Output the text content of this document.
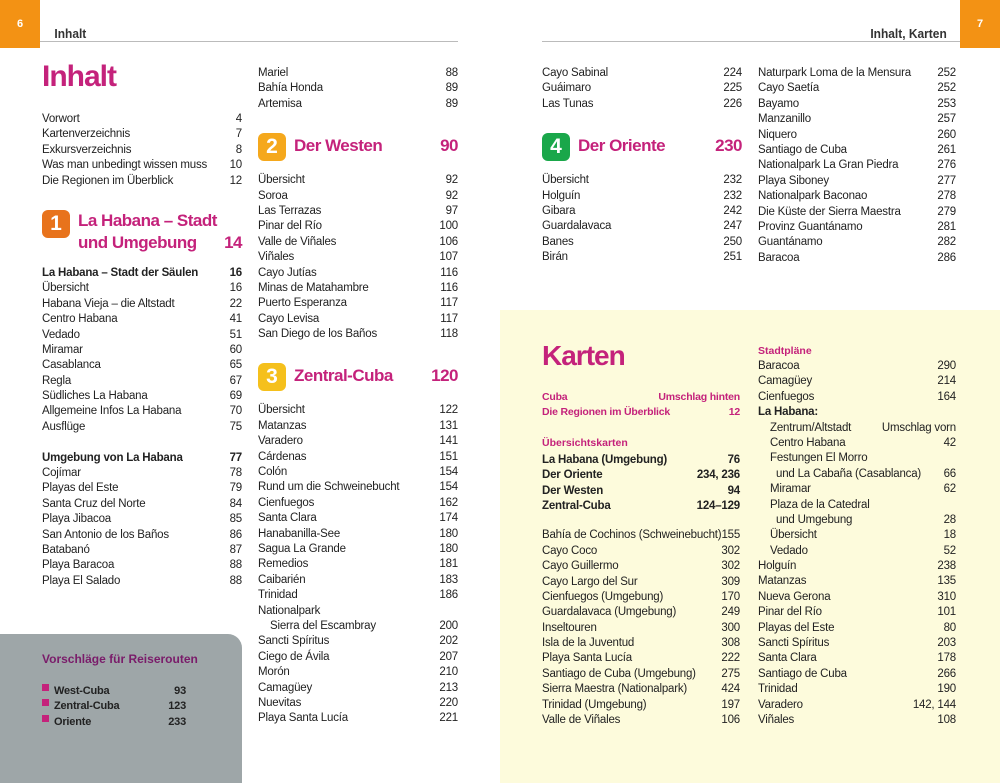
6
Inhalt
Inhalt
Vorwort	4
Kartenverzeichnis	7
Exkursverzeichnis	8
Was man unbedingt wissen muss 10
Die Regionen im Überblick	12
1 La Habana – Stadt
und Umgebung 14
La Habana – Stadt der Säulen	16
Übersicht	16
Habana Vieja – die Altstadt	22
Centro Habana	41
Vedado	51
Miramar	60
Casablanca	65
Regla	67
Südliches La Habana	69
Allgemeine Infos La Habana	70
Ausflüge	75
Umgebung von La Habana	77
Cojímar	78
Playas del Este	79
Santa Cruz del Norte	84
Playa Jibacoa	85
San Antonio de los Baños	86
Batabanó	87
Playa Baracoa	88
Playa El Salado	88
Mariel	88
Bahía Honda	89
Artemisa	89
2 Der Westen	90
Übersicht	92
Soroa	92
Las Terrazas	97
Pinar del Río	100
Valle de Viñales	106
Viñales	107
Cayo Jutías	116
Minas de Matahambre	116
Puerto Esperanza	117
Cayo Levisa	117
San Diego de los Baños	118
3 Zentral-Cuba 120
Übersicht	122
Matanzas	131
Varadero	141
Cárdenas	151
Colón	154
Rund um die Schweinebucht	154
Cienfuegos	162
Santa Clara	174
Hanabanilla-See	180
Sagua La Grande	180
Remedios	181
Caibarién	183
Trinidad	186
Nationalpark
Sierra del Escambray	200
Sancti Spíritus	202
Ciego de Ávila	207
Morón	210
Camagüey	213
Nuevitas	220
Playa Santa Lucía	221
Vorschläge für Reiserouten
West-Cuba	93
Zentral-Cuba	123
Oriente	233
7
Inhalt, Karten
Cayo Sabinal	224
Guáimaro	225
Las Tunas	226
4 Der Oriente	230
Übersicht	232
Holguín	232
Gibara	242
Guardalavaca	247
Banes	250
Birán	251
Naturpark Loma de la Mensura 252
Cayo Saetía	252
Bayamo	253
Manzanillo	257
Niquero	260
Santiago de Cuba	261
Nationalpark La Gran Piedra	276
Playa Siboney	277
Nationalpark Baconao	278
Die Küste der Sierra Maestra	279
Provinz Guantánamo	281
Guantánamo	282
Baracoa	286
Karten
Cuba	Umschlag hinten
Die Regionen im Überblick	12
Übersichtskarten
La Habana (Umgebung)	76
Der Oriente	234, 236
Der Westen	94
Zentral-Cuba	124–129
Bahía de Cochinos (Schweinebucht) 155
Cayo Coco	302
Cayo Guillermo	302
Cayo Largo del Sur	309
Cienfuegos (Umgebung)	170
Guardalavaca (Umgebung)	249
Inseltouren	300
Isla de la Juventud	308
Playa Santa Lucía	222
Santiago de Cuba (Umgebung) 275
Sierra Maestra (Nationalpark)	424
Trinidad (Umgebung)	197
Valle de Viñales	106
Stadtpläne
Baracoa	290
Camagüey	214
Cienfuegos	164
La Habana:
Zentrum/Altstadt	Umschlag vorn
Centro Habana	42
Festungen El Morro
und La Cabaña (Casablanca) 66
Miramar	62
Plaza de la Catedral
und Umgebung	28
Übersicht	18
Vedado	52
Holguín	238
Matanzas	135
Nueva Gerona	310
Pinar del Río	101
Playas del Este	80
Sancti Spíritus	203
Santa Clara	178
Santiago de Cuba	266
Trinidad	190
Varadero	142, 144
Viñales	108
